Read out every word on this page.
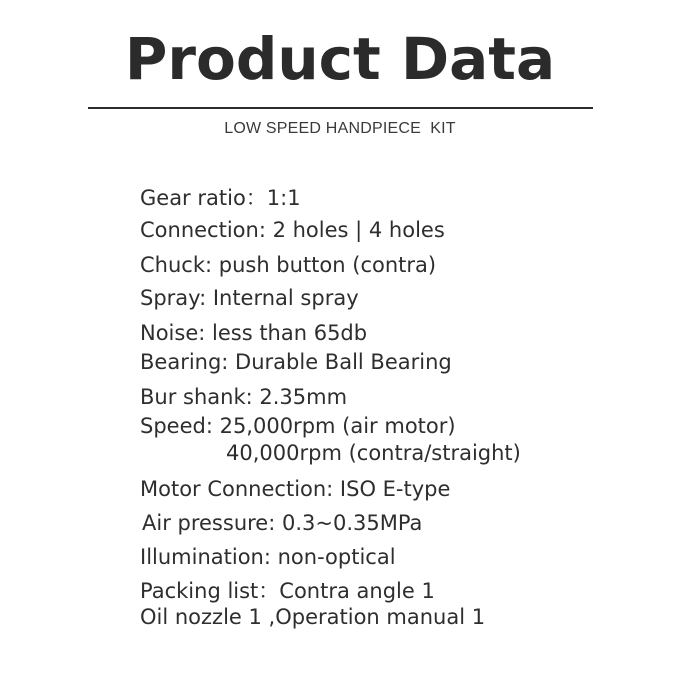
Product Data
LOW SPEED HANDPIECE  KIT
Gear ratio：1:1
Connection: 2 holes | 4 holes
Chuck: push button (contra)
Spray: Internal spray
Noise: less than 65db
Bearing: Durable Ball Bearing
Bur shank: 2.35mm
Speed: 25,000rpm (air motor)
40,000rpm (contra/straight)
Motor Connection: ISO E-type
Air pressure: 0.3~0.35MPa
Illumination: non-optical
Packing list：Contra angle 1
Oil nozzle 1 ,Operation manual 1
